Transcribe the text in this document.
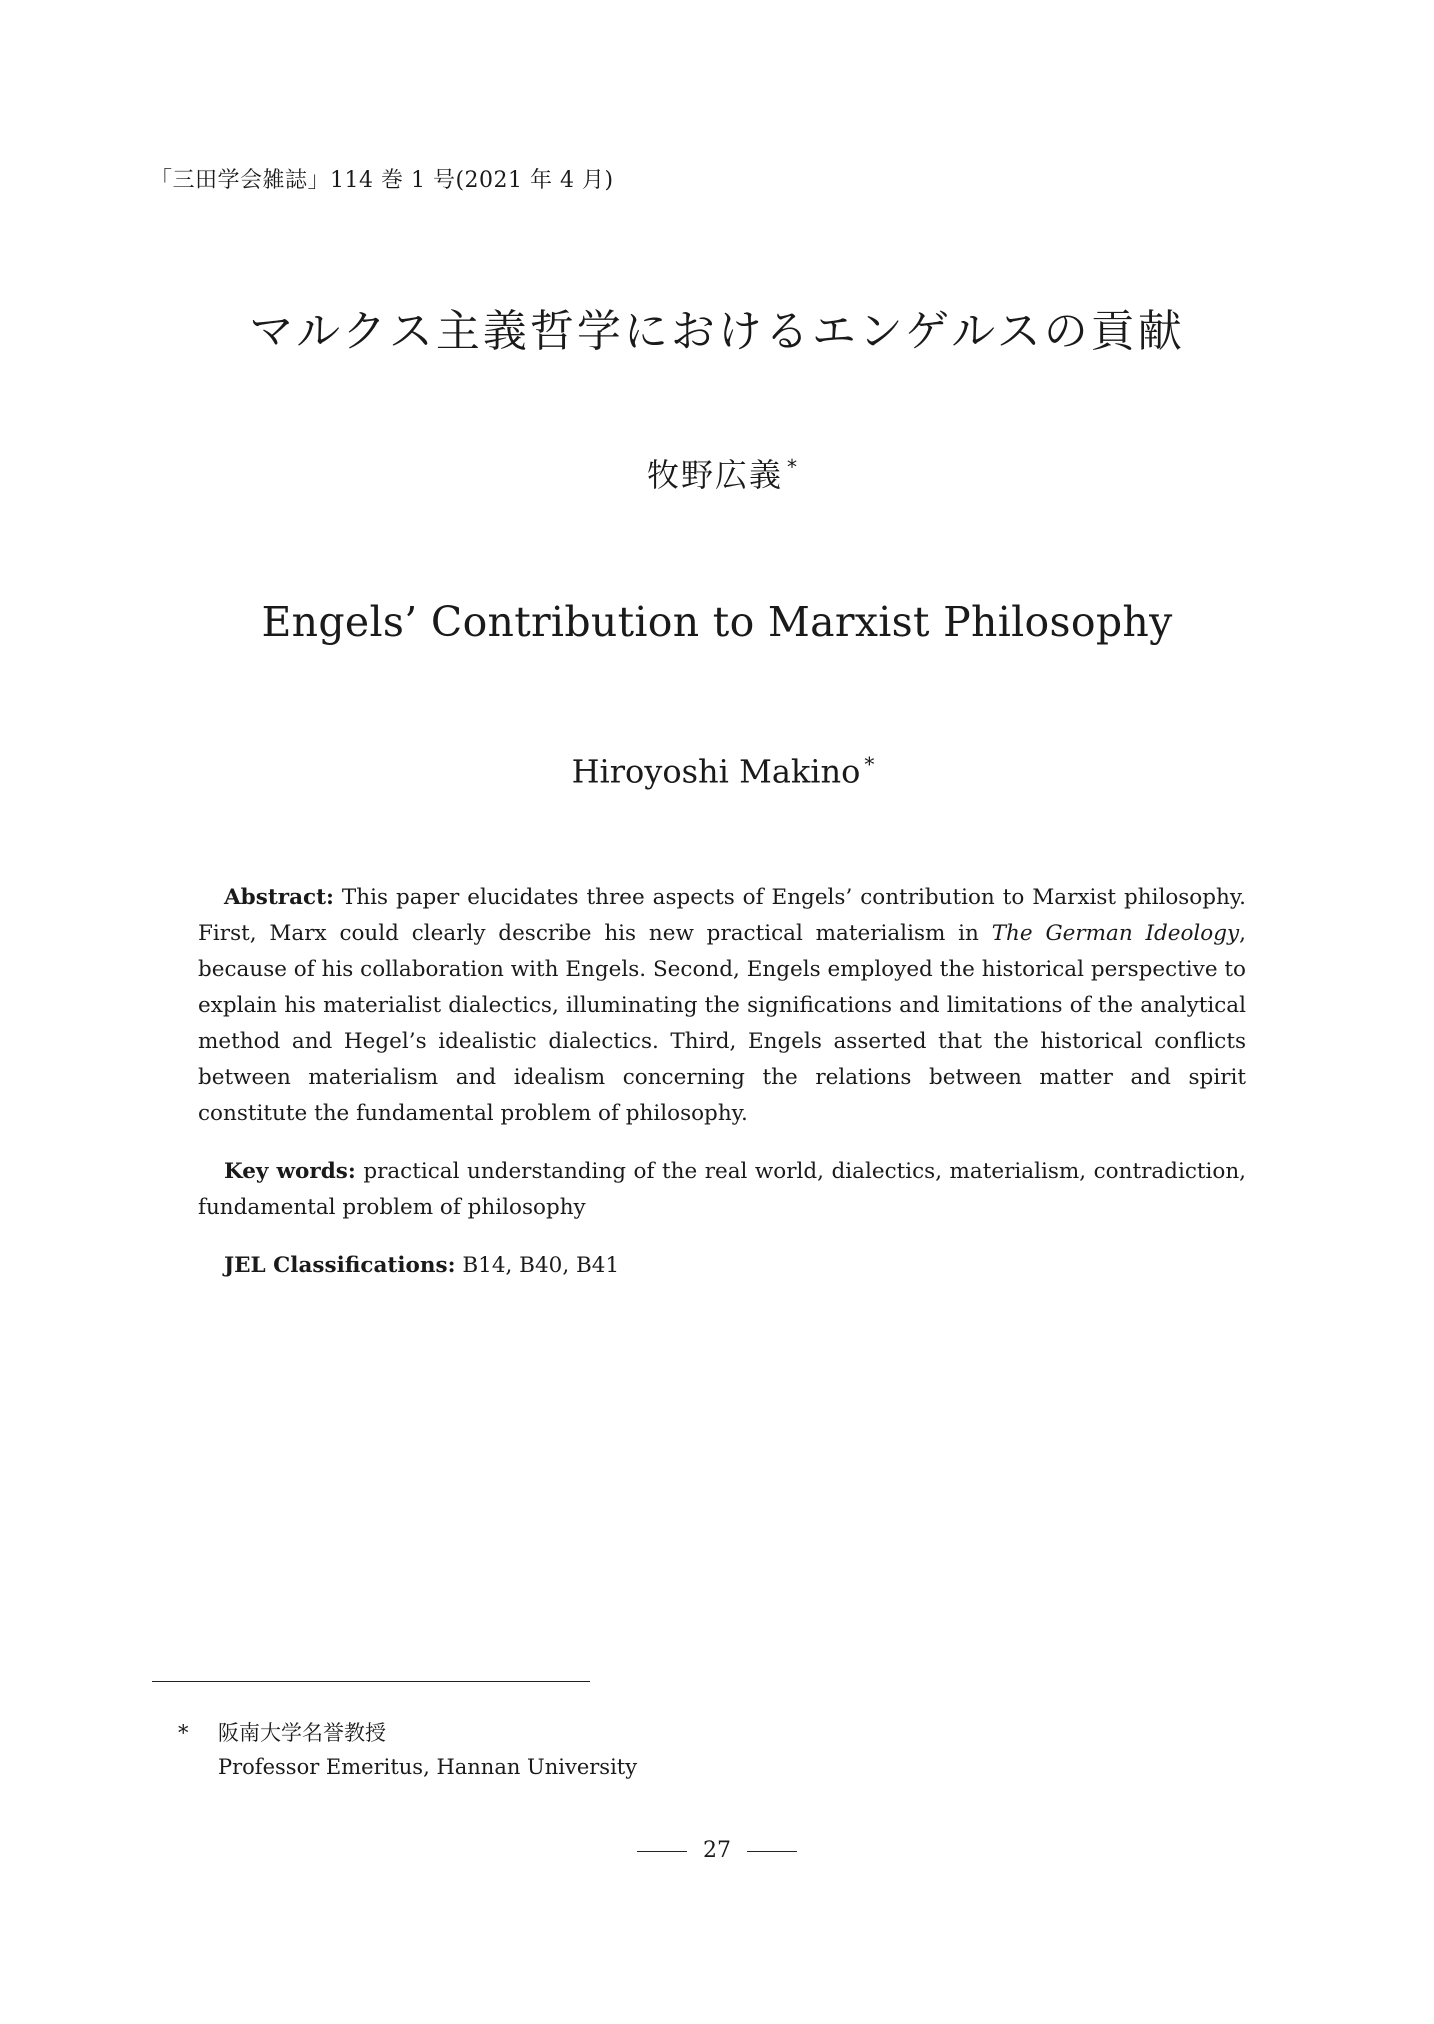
「三田学会雑誌」114 巻 1 号(2021 年 4 月)
マルクス主義哲学におけるエンゲルスの貢献
牧野広義 *
Engels’ Contribution to Marxist Philosophy
Hiroyoshi Makino *

Abstract: This paper elucidates three aspects of Engels’ contribution to Marxist philosophy. First, Marx could clearly describe his new practical materialism in The German Ideology, because of his collaboration with Engels. Second, Engels employed the historical perspective to explain his materialist dialectics, illuminating the significations and limitations of the analytical method and Hegel’s idealistic dialectics. Third, Engels asserted that the historical conflicts between materialism and idealism concerning the relations between matter and spirit constitute the fundamental problem of philosophy.

Key words: practical understanding of the real world, dialectics, materialism, contradiction, fundamental problem of philosophy

JEL Classifications: B14, B40, B41

*	阪南大学名誉教授
Professor Emeritus, Hannan University
27
